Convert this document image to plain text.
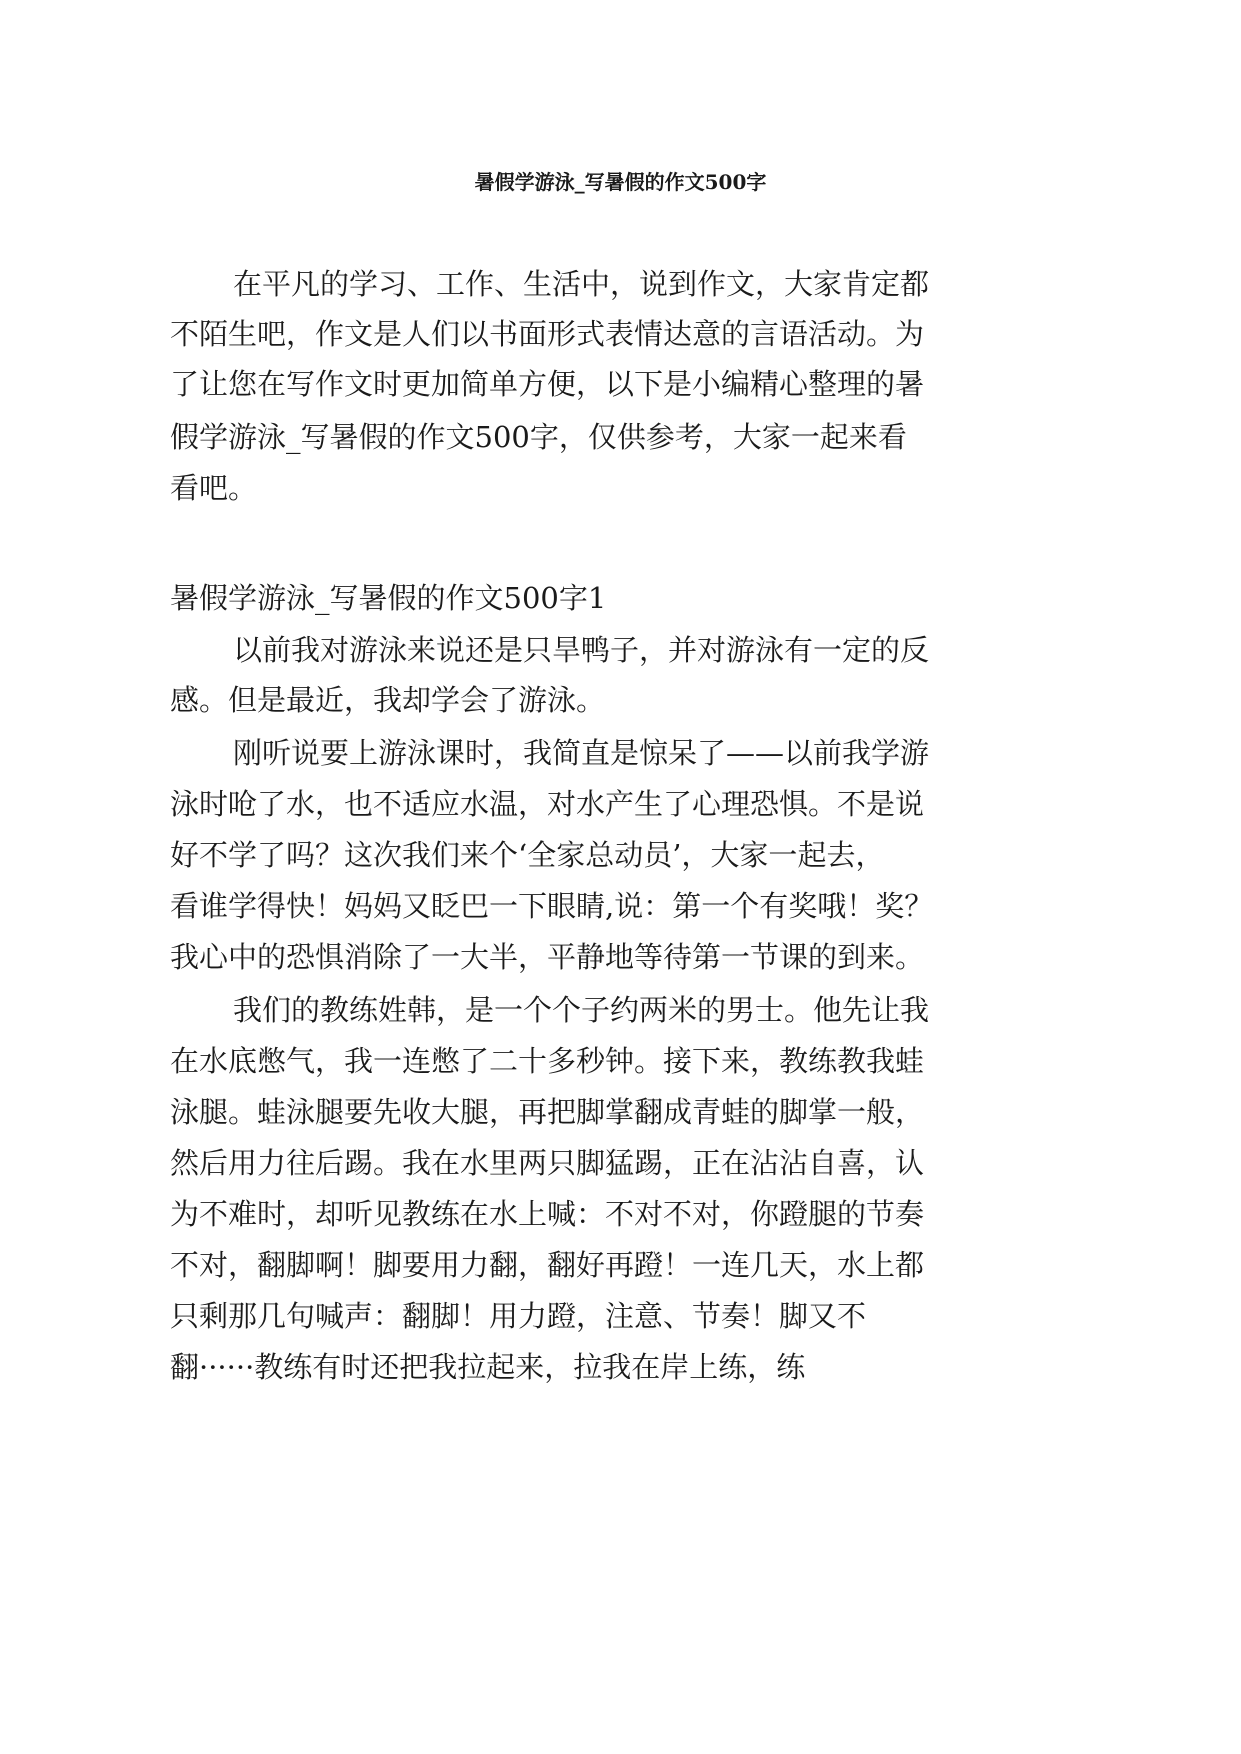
暑假学游泳_写暑假的作文500字
在平凡的学习、工作、生活中，说到作文，大家肯定都
不陌生吧，作文是人们以书面形式表情达意的言语活动。为
了让您在写作文时更加简单方便，以下是小编精心整理的暑
假学游泳_写暑假的作文500字，仅供参考，大家一起来看
看吧。
暑假学游泳_写暑假的作文500字1
以前我对游泳来说还是只旱鸭子，并对游泳有一定的反
感。但是最近，我却学会了游泳。
刚听说要上游泳课时，我简直是惊呆了——以前我学游
泳时呛了水，也不适应水温，对水产生了心理恐惧。不是说
好不学了吗？这次我们来个‘全家总动员’，大家一起去，
看谁学得快！妈妈又眨巴一下眼睛,说：第一个有奖哦！奖？
我心中的恐惧消除了一大半，平静地等待第一节课的到来。
我们的教练姓韩，是一个个子约两米的男士。他先让我
在水底憋气，我一连憋了二十多秒钟。接下来，教练教我蛙
泳腿。蛙泳腿要先收大腿，再把脚掌翻成青蛙的脚掌一般，
然后用力往后踢。我在水里两只脚猛踢，正在沾沾自喜，认
为不难时，却听见教练在水上喊：不对不对，你蹬腿的节奏
不对，翻脚啊！脚要用力翻，翻好再蹬！一连几天，水上都
只剩那几句喊声：翻脚！用力蹬，注意、节奏！脚又不
翻······教练有时还把我拉起来，拉我在岸上练，练
